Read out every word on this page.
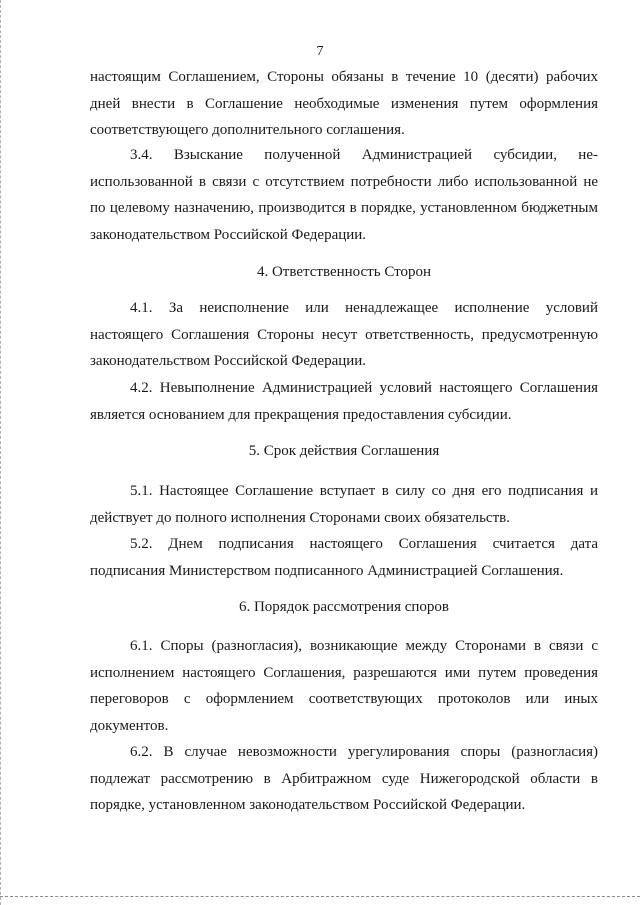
7

настоящим Соглашением, Стороны обязаны в течение 10 (десяти) рабочих дней внести в Соглашение необходимые изменения путем оформления соответствующего дополнительного соглашения.

3.4. Взыскание полученной Администрацией субсидии, не-использованной в связи с отсутствием потребности либо использованной не по целевому назначению, производится в порядке, установленном бюджетным законодательством Российской Федерации.

4. Ответственность Сторон

4.1. За неисполнение или ненадлежащее исполнение условий настоящего Соглашения Стороны несут ответственность, предусмотренную законодательством Российской Федерации.

4.2. Невыполнение Администрацией условий настоящего Соглашения является основанием для прекращения предоставления субсидии.

5. Срок действия Соглашения

5.1. Настоящее Соглашение вступает в силу со дня его подписания и действует до полного исполнения Сторонами своих обязательств.

5.2. Днем подписания настоящего Соглашения считается дата подписания Министерством подписанного Администрацией Соглашения.

6. Порядок рассмотрения споров

6.1. Споры (разногласия), возникающие между Сторонами в связи с исполнением настоящего Соглашения, разрешаются ими путем проведения переговоров с оформлением соответствующих протоколов или иных документов.

6.2. В случае невозможности урегулирования споры (разногласия) подлежат рассмотрению в Арбитражном суде Нижегородской области в порядке, установленном законодательством Российской Федерации.
